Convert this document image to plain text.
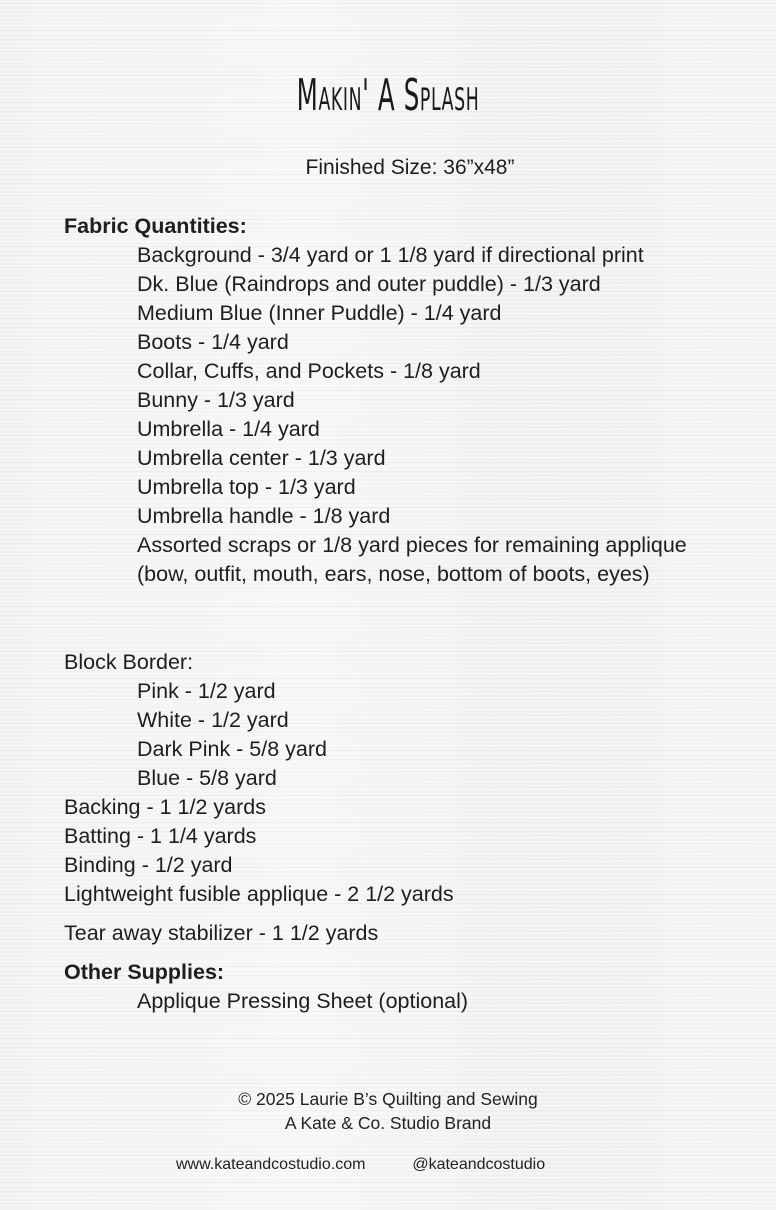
Makin' A Splash
Finished Size: 36”x48”
Fabric Quantities:
Background - 3/4 yard or 1 1/8 yard if directional print
Dk. Blue (Raindrops and outer puddle) - 1/3 yard
Medium Blue (Inner Puddle) - 1/4 yard
Boots - 1/4 yard
Collar, Cuffs, and Pockets - 1/8 yard
Bunny - 1/3 yard
Umbrella - 1/4 yard
Umbrella center - 1/3 yard
Umbrella top - 1/3 yard
Umbrella handle - 1/8 yard
Assorted scraps or 1/8 yard pieces for remaining applique (bow, outfit, mouth, ears, nose, bottom of boots, eyes)
Block Border:
Pink - 1/2 yard
White - 1/2 yard
Dark Pink - 5/8 yard
Blue - 5/8 yard
Backing - 1 1/2 yards
Batting - 1 1/4 yards
Binding - 1/2 yard
Lightweight fusible applique - 2 1/2 yards
Tear away stabilizer - 1 1/2 yards
Other Supplies:
Applique Pressing Sheet (optional)
© 2025 Laurie B’s Quilting and Sewing
A Kate & Co. Studio Brand
www.kateandcostudio.com	@kateandcostudio
